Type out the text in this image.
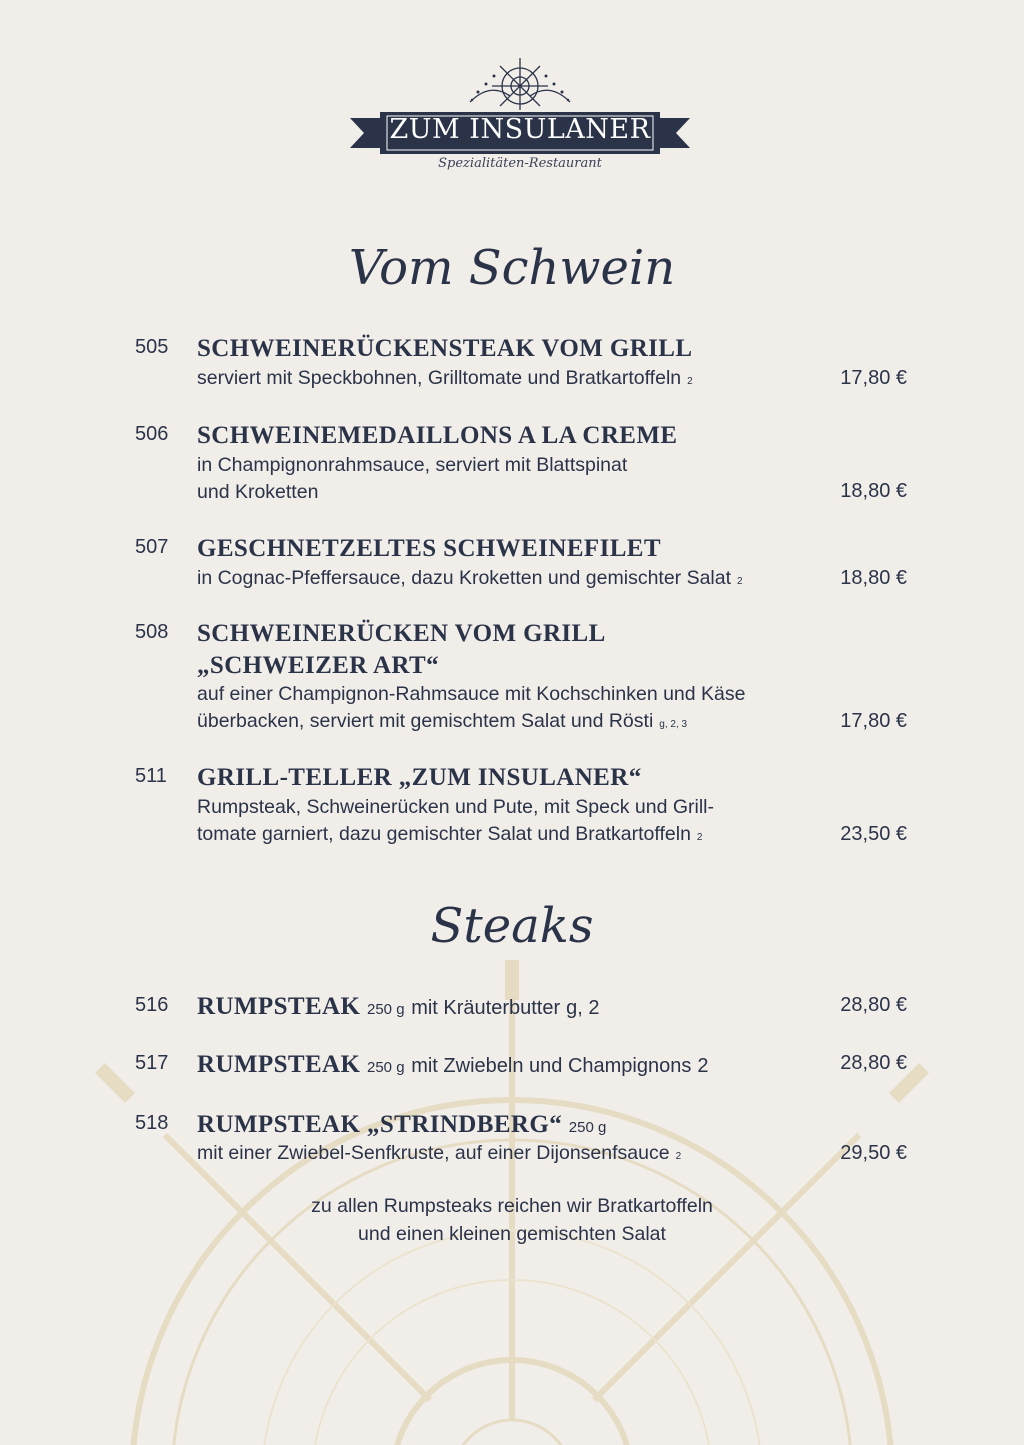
ZUM INSULANER
Spezialitäten-Restaurant
Vom Schwein
505 SCHWEINERÜCKENSTEAK VOM GRILL
serviert mit Speckbohnen, Grilltomate und Bratkartoffeln 2	17,80 €
506 SCHWEINEMEDAILLONS A LA CREME
in Champignonrahmsauce, serviert mit Blattspinat
und Kroketten	18,80 €
507 GESCHNETZELTES SCHWEINEFILET
in Cognac-Pfeffersauce, dazu Kroketten und gemischter Salat 2	18,80 €
508 SCHWEINERÜCKEN VOM GRILL
„SCHWEIZER ART“
auf einer Champignon-Rahmsauce mit Kochschinken und Käse
überbacken, serviert mit gemischtem Salat und Rösti g, 2, 3	17,80 €
511 GRILL-TELLER „ZUM INSULANER“
Rumpsteak, Schweinerücken und Pute, mit Speck und Grill-
tomate garniert, dazu gemischter Salat und Bratkartoffeln 2	23,50 €
Steaks
516 RUMPSTEAK 250 g mit Kräuterbutter g, 2	28,80 €
517 RUMPSTEAK 250 g mit Zwiebeln und Champignons 2	28,80 €
518 RUMPSTEAK „STRINDBERG“ 250 g
mit einer Zwiebel-Senfkruste, auf einer Dijonsenfsauce 2	29,50 €
zu allen Rumpsteaks reichen wir Bratkartoffeln
und einen kleinen gemischten Salat
